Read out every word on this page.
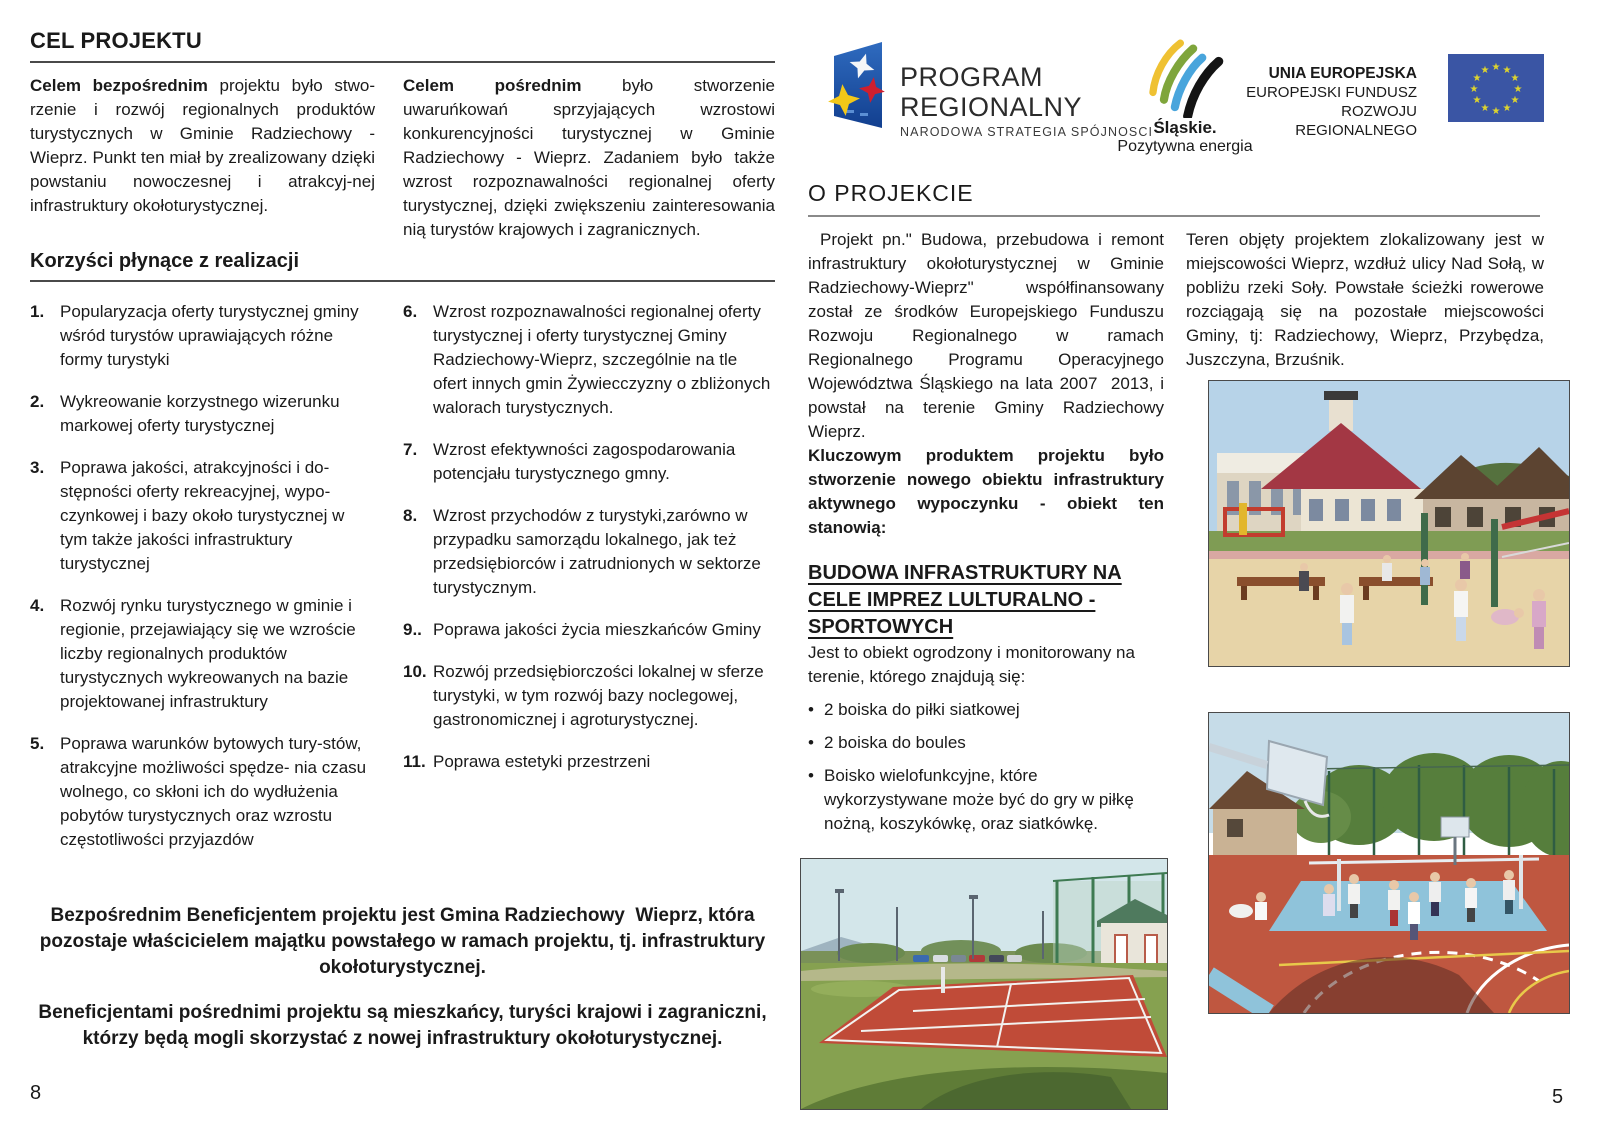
CEL PROJEKTU

Celem bezpośrednim projektu było stwo-rzenie i rozwój regionalnych produktów turystycznych w Gminie Radziechowy - Wieprz. Punkt ten miał by zrealizowany dzięki powstaniu nowoczesnej i atrakcyj-nej infrastruktury okołoturystycznej.

Celem pośrednim było stworzenie uwaruńkowań sprzyjających wzrostowi konkurencyjności turystycznej w Gminie Radziechowy - Wieprz. Zadaniem było także wzrost rozpoznawalności regionalnej oferty turystycznej, dzięki zwiększeniu zainteresowania nią turystów krajowych i zagranicznych.

Korzyści płynące z realizacji
1. Popularyzacja oferty turystycznej gminy wśród turystów uprawiających różne formy turystyki
2. Wykreowanie korzystnego wizerunku markowej oferty turystycznej
3. Poprawa jakości, atrakcyjności i do-stępności oferty rekreacyjnej, wypo-czynkowej i bazy około turystycznej w tym także jakości infrastruktury turystycznej
4. Rozwój rynku turystycznego w gminie i regionie, przejawiający się we wzroście liczby regionalnych produktów turystycznych wykreowanych na bazie projektowanej infrastruktury
5. Poprawa warunków bytowych tury-stów, atrakcyjne możliwości spędze- nia czasu wolnego, co skłoni ich do wydłużenia pobytów turystycznych oraz wzrostu częstotliwości przyjazdów
6. Wzrost rozpoznawalności regionalnej oferty turystycznej i oferty turystycznej Gminy Radziechowy-Wieprz, szczególnie na tle ofert innych gmin Żywiecczyzny o zbliżonych walorach turystycznych.
7. Wzrost efektywności zagospodarowania potencjału turystycznego gmny.
8. Wzrost przychodów z turystyki,zarówno w przypadku samorządu lokalnego, jak też przedsiębiorców i zatrudnionych w sektorze turystycznym.
9.. Poprawa jakości życia mieszkańców Gminy
10. Rozwój przedsiębiorczości lokalnej w sferze turystyki, w tym rozwój bazy noclegowej, gastronomicznej i agroturystycznej.
11. Poprawa estetyki przestrzeni
Bezpośrednim Beneficjentem projektu jest Gmina Radziechowy  Wieprz, która pozostaje właścicielem majątku powstałego w ramach projektu, tj. infrastruktury okołoturystycznej.
Beneficjentami pośrednimi projektu są mieszkańcy, turyści krajowi i zagraniczni, którzy będą mogli skorzystać z nowej infrastruktury okołoturystycznej.
8
PROGRAM
REGIONALNY
NARODOWA STRATEGIA SPÓJNOSCI Śląskie.
Pozytywna energia
UNIA EUROPEJSKA
EUROPEJSKI FUNDUSZ
ROZWOJU REGIONALNEGO
★ ★
★
★
★
★
★
★
★
★
★
★
O PROJEKCIE

Projekt pn." Budowa, przebudowa i remont infrastruktury okołoturystycznej w Gminie Radziechowy-Wieprz" współfinansowany został ze środków Europejskiego Funduszu Rozwoju Regionalnego w ramach Regionalnego Programu Operacyjnego Województwa Śląskiego na lata 2007  2013, i powstał na terenie Gminy Radziechowy Wieprz.

Kluczowym produktem projektu było stworzenie nowego obiektu infrastruktury aktywnego wypoczynku - obiekt ten stanowią:

BUDOWA INFRASTRUKTURY NA CELE IMPREZ LULTURALNO - SPORTOWYCH

Jest to obiekt ogrodzony i monitorowany na terenie, którego znajdują się:

• 2 boiska do piłki siatkowej
• 2 boiska do boules
• Boisko wielofunkcyjne, które wykorzystywane może być do gry w piłkę nożną, koszykówkę, oraz siatkówkę.

Teren objęty projektem zlokalizowany jest w miejscowości Wieprz, wzdłuż ulicy Nad Sołą, w pobliżu rzeki Soły. Powstałe ścieżki rowerowe rozciągają się na pozostałe miejscowości Gminy, tj: Radziechowy, Wieprz, Przybędza, Juszczyna, Brzuśnik.

5
